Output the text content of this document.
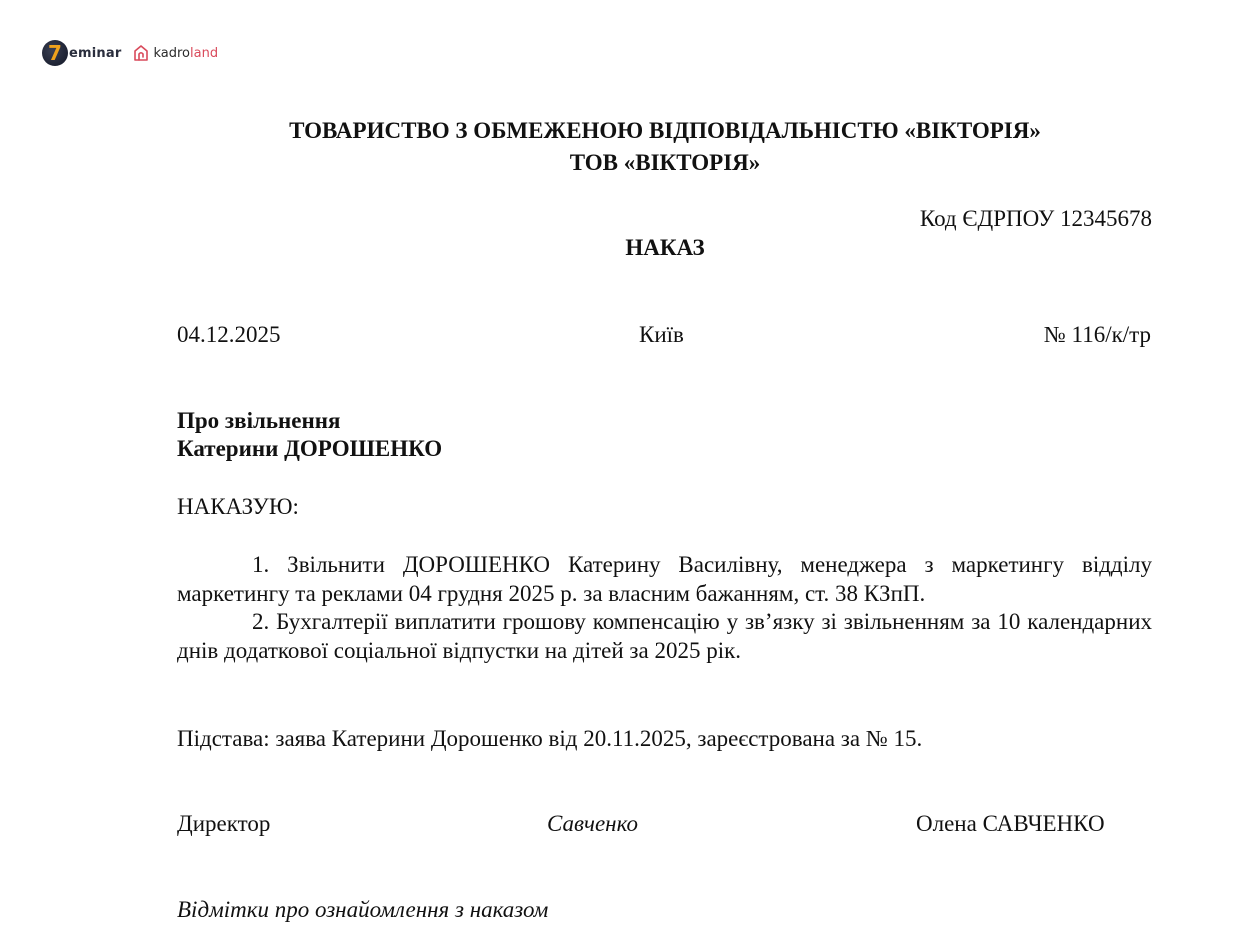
7 eminar kadroland
ТОВАРИСТВО З ОБМЕЖЕНОЮ ВІДПОВІДАЛЬНІСТЮ «ВІКТОРІЯ»
ТОВ «ВІКТОРІЯ»
Код ЄДРПОУ 12345678
НАКАЗ
04.12.2025	Київ	№ 116/к/тр
Про звільнення
Катерини ДОРОШЕНКО
НАКАЗУЮ:

1. Звільнити ДОРОШЕНКО Катерину Василівну, менеджера з маркетингу відділу маркетингу та реклами 04 грудня 2025 р. за власним бажанням, ст. 38 КЗпП.

2. Бухгалтерії виплатити грошову компенсацію у зв’язку зі звільненням за 10 календарних днів додаткової соціальної відпустки на дітей за 2025 рік.

Підстава: заява Катерини Дорошенко від 20.11.2025, зареєстрована за № 15.
Директор	Савченко	Олена САВЧЕНКО
Відмітки про ознайомлення з наказом
